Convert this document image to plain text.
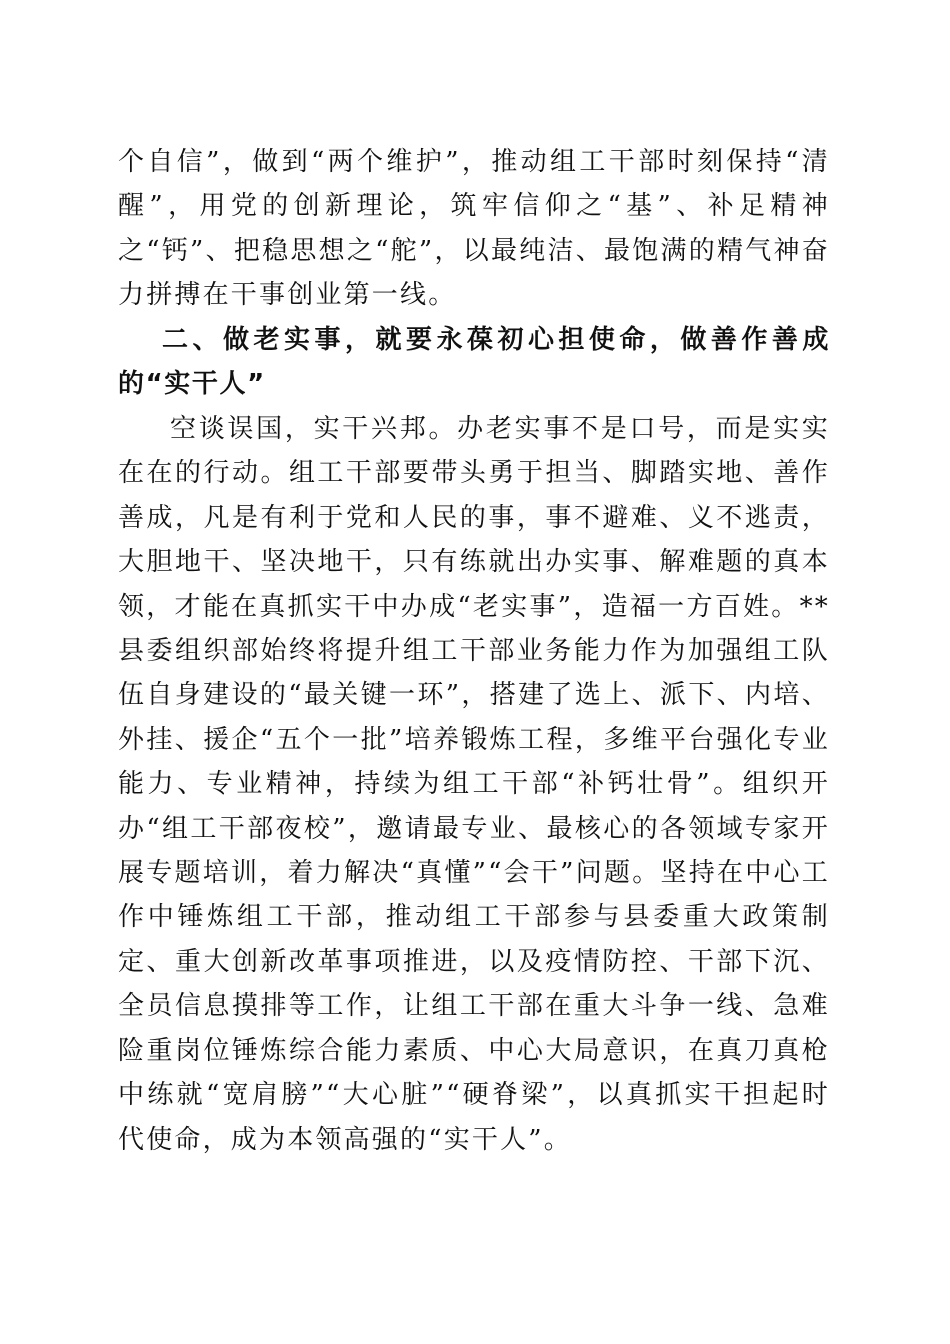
个自信”，做到“两个维护”，推动组工干部时刻保持“清醒”，用党的创新理论，筑牢信仰之“基”、补足精神之“钙”、把稳思想之“舵”，以最纯洁、最饱满的精气神奋力拼搏在干事创业第一线。

二、做老实事，就要永葆初心担使命，做善作善成的“实干人”

空谈误国，实干兴邦。办老实事不是口号，而是实实在在的行动。组工干部要带头勇于担当、脚踏实地、善作善成，凡是有利于党和人民的事，事不避难、义不逃责，大胆地干、坚决地干，只有练就出办实事、解难题的真本领，才能在真抓实干中办成“老实事”，造福一方百姓。**县委组织部始终将提升组工干部业务能力作为加强组工队伍自身建设的“最关键一环”，搭建了选上、派下、内培、外挂、援企“五个一批”培养锻炼工程，多维平台强化专业能力、专业精神，持续为组工干部“补钙壮骨”。组织开办“组工干部夜校”，邀请最专业、最核心的各领域专家开展专题培训，着力解决“真懂”“会干”问题。坚持在中心工作中锤炼组工干部，推动组工干部参与县委重大政策制定、重大创新改革事项推进，以及疫情防控、干部下沉、全员信息摸排等工作，让组工干部在重大斗争一线、急难险重岗位锤炼综合能力素质、中心大局意识，在真刀真枪中练就“宽肩膀”“大心脏”“硬脊梁”，以真抓实干担起时代使命，成为本领高强的“实干人”。
